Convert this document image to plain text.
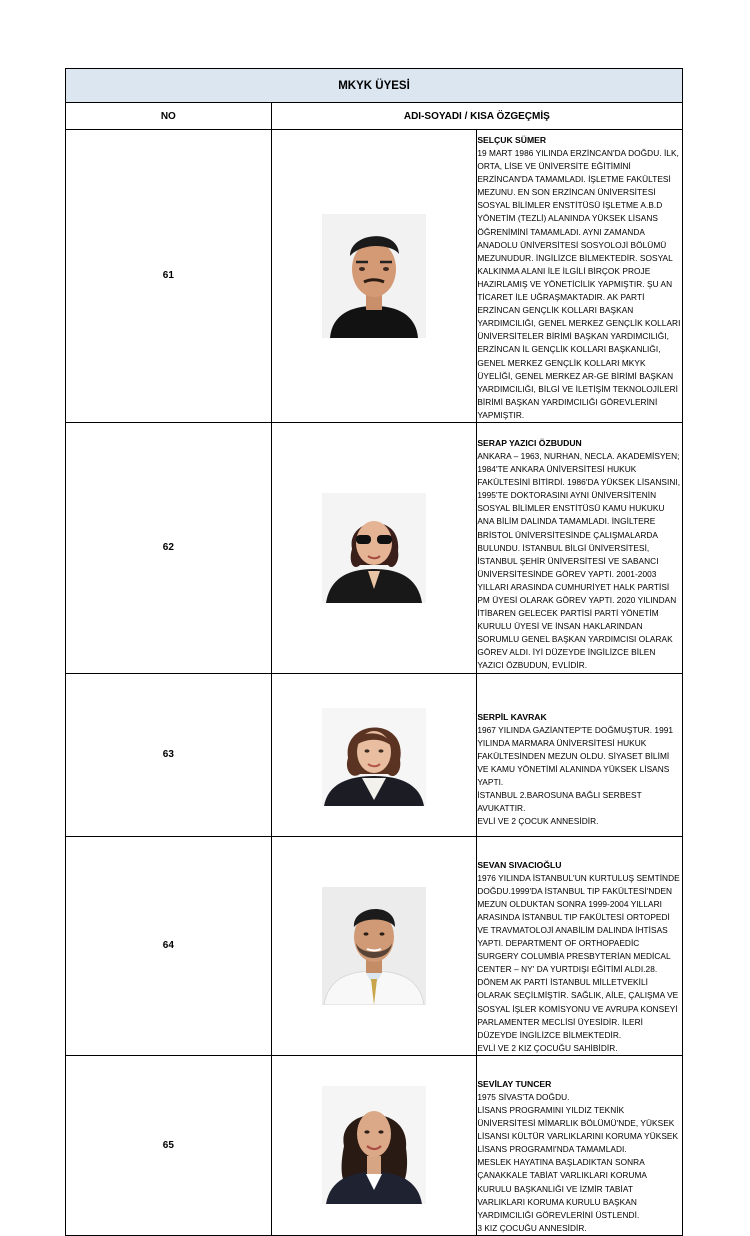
MKYK ÜYESİ		
NO	ADI-SOYADI / KISA ÖZGEÇMİŞ	
61		SELÇUK SÜMER
19 MART 1986 YILINDA ERZİNCAN'DA DOĞDU. İLK, ORTA, LİSE VE ÜNİVERSİTE EĞİTİMİNİ ERZİNCAN'DA TAMAMLADI. İŞLETME FAKÜLTESİ MEZUNU. EN SON ERZİNCAN ÜNİVERSİTESİ SOSYAL BİLİMLER ENSTİTÜSÜ İŞLETME A.B.D YÖNETİM (TEZLİ) ALANINDA YÜKSEK LİSANS ÖĞRENİMİNİ TAMAMLADI. AYNI ZAMANDA ANADOLU ÜNİVERSİTESİ SOSYOLOJİ BÖLÜMÜ MEZUNUDUR. İNGİLİZCE BİLMEKTEDİR. SOSYAL KALKINMA ALANI İLE İLGİLİ BİRÇOK PROJE HAZIRLAMIŞ VE YÖNETİCİLİK YAPMIŞTIR. ŞU AN TİCARET İLE UĞRAŞMAKTADIR. AK PARTİ ERZİNCAN GENÇLİK KOLLARI BAŞKAN YARDIMCILIĞI, GENEL MERKEZ GENÇLİK KOLLARI ÜNİVERSİTELER BİRİMİ BAŞKAN YARDIMCILIĞI, ERZİNCAN İL GENÇLİK KOLLARI BAŞKANLIĞI, GENEL MERKEZ GENÇLİK KOLLARI MKYK ÜYELİĞİ, GENEL MERKEZ AR-GE BİRİMİ BAŞKAN YARDIMCILIĞI, BİLGİ VE İLETİŞİM TEKNOLOJİLERİ BİRİMİ BAŞKAN YARDIMCILIĞI GÖREVLERİNİ YAPMIŞTIR.

62		SERAP YAZICI ÖZBUDUN
ANKARA – 1963, NURHAN, NECLA. AKADEMİSYEN; 1984'TE ANKARA ÜNİVERSİTESİ HUKUK FAKÜLTESİNİ BİTİRDİ. 1986'DA YÜKSEK LİSANSINI, 1995'TE DOKTORASINI AYNI ÜNİVERSİTENİN SOSYAL BİLİMLER ENSTİTÜSÜ KAMU HUKUKU ANA BİLİM DALINDA TAMAMLADI. İNGİLTERE BRİSTOL ÜNİVERSİTESİNDE ÇALIŞMALARDA BULUNDU. İSTANBUL BİLGİ ÜNİVERSİTESİ, İSTANBUL ŞEHİR ÜNİVERSİTESİ VE SABANCI ÜNİVERSİTESİNDE GÖREV YAPTI. 2001-2003 YILLARI ARASINDA CUMHURİYET HALK PARTİSİ PM ÜYESİ OLARAK GÖREV YAPTI. 2020 YILINDAN İTİBAREN GELECEK PARTİSİ PARTİ YÖNETİM KURULU ÜYESİ VE İNSAN HAKLARINDAN SORUMLU GENEL BAŞKAN YARDIMCISI OLARAK GÖREV ALDI. İYİ DÜZEYDE İNGİLİZCE BİLEN YAZICI ÖZBUDUN, EVLİDİR.

63		SERPİL KAVRAK
1967 YILINDA GAZİANTEP'TE DOĞMUŞTUR. 1991 YILINDA MARMARA ÜNİVERSİTESİ HUKUK FAKÜLTESİNDEN MEZUN OLDU. SİYASET BİLİMİ VE KAMU YÖNETİMİ ALANINDA YÜKSEK LİSANS YAPTI.
İSTANBUL 2.BAROSUNA BAĞLI SERBEST AVUKATTIR.
EVLİ VE 2 ÇOCUK ANNESİDİR.

64		SEVAN SIVACIOĞLU
1976 YILINDA İSTANBUL'UN KURTULUŞ SEMTİNDE DOĞDU.1999'DA İSTANBUL TIP FAKÜLTESİ'NDEN MEZUN OLDUKTAN SONRA 1999-2004 YILLARI ARASINDA İSTANBUL TIP FAKÜLTESİ ORTOPEDİ VE TRAVMATOLOJİ ANABİLİM DALINDA İHTİSAS YAPTI. DEPARTMENT OF ORTHOPAEDİC SURGERY COLUMBİA PRESBYTERİAN MEDİCAL CENTER – NY' DA YURTDIŞI EĞİTİMİ ALDI.28. DÖNEM AK PARTİ İSTANBUL MİLLETVEKİLİ OLARAK SEÇİLMİŞTİR. SAĞLIK, AİLE, ÇALIŞMA VE SOSYAL İŞLER KOMİSYONU VE AVRUPA KONSEYİ PARLAMENTER MECLİSİ ÜYESİDİR. İLERİ DÜZEYDE İNGİLİZCE BİLMEKTEDİR.
EVLİ VE 2 KIZ ÇOCUĞU SAHİBİDİR.

65		SEVİLAY TUNCER
1975 SİVAS'TA DOĞDU.
LİSANS PROGRAMINI YILDIZ TEKNİK ÜNİVERSİTESİ MİMARLIK BÖLÜMÜ'NDE, YÜKSEK LİSANSI KÜLTÜR VARLIKLARINI KORUMA YÜKSEK LİSANS PROGRAMI'NDA TAMAMLADI.
MESLEK HAYATINA BAŞLADIKTAN SONRA ÇANAKKALE TABİAT VARLIKLARI KORUMA KURULU BAŞKANLIĞI VE İZMİR TABİAT VARLIKLARI KORUMA KURULU BAŞKAN YARDIMCILIĞI GÖREVLERİNİ ÜSTLENDİ.
3 KIZ ÇOCUĞU ANNESİDİR.
